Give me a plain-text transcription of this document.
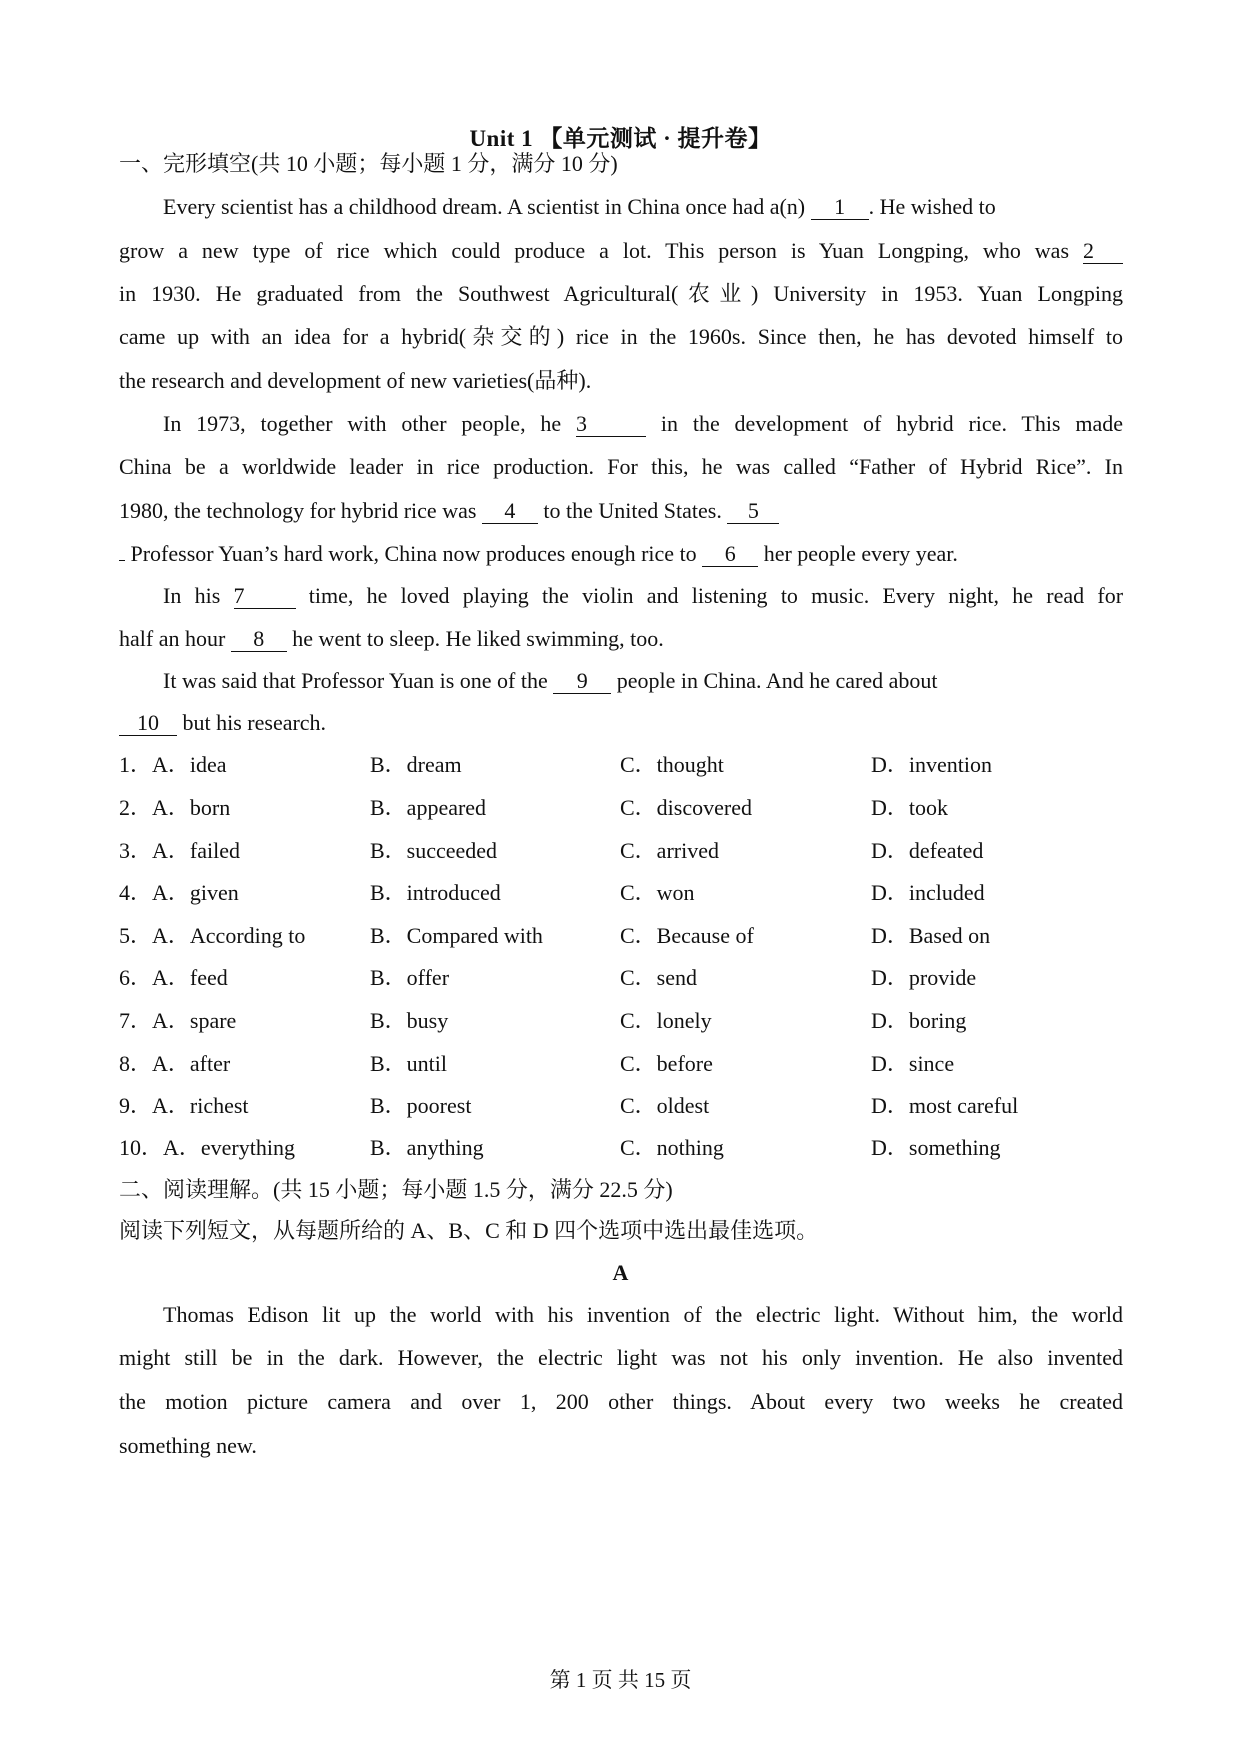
Unit 1 【单元测试 · 提升卷】
一、完形填空(共 10 小题；每小题 1 分，满分 10 分)
Every scientist has a childhood dream. A scientist in China once had a(n) 1 . He wished to
grow a new type of rice which could produce a lot. This person is Yuan Longping, who was 2
in 1930. He graduated from the Southwest Agricultural(农业) University in 1953. Yuan Longping
came up with an idea for a hybrid(杂交的) rice in the 1960s. Since then, he has devoted himself to
the research and development of new varieties(品种).
In 1973, together with other people, he 3	in the development of hybrid rice. This made
China be a worldwide leader in rice production. For this, he was called “Father of Hybrid Rice”. In
1980, the technology for hybrid rice was 4 to the United States. 5
Professor Yuan’s hard work, China now produces enough rice to 6 her people every year.
In his 7	time, he loved playing the violin and listening to music. Every night, he read for
half an hour 8 he went to sleep. He liked swimming, too.
It was said that Professor Yuan is one of the 9 people in China. And he cared about
10 but his research.
1．A．idea	B．dream	C．thought	D．invention
2．A．born	B．appeared	C．discovered	D．took
3．A．failed	B．succeeded	C．arrived	D．defeated
4．A．given	B．introduced	C．won	D．included
5．A．According to	B．Compared with	C．Because of	D．Based on
6．A．feed	B．offer	C．send	D．provide
7．A．spare	B．busy	C．lonely	D．boring
8．A．after	B．until	C．before	D．since
9．A．richest	B．poorest	C．oldest	D．most careful
10．A．everything	B．anything	C．nothing	D．something
二、阅读理解。(共 15 小题；每小题 1.5 分，满分 22.5 分)
阅读下列短文，从每题所给的 A、B、C 和 D 四个选项中选出最佳选项。
A
Thomas Edison lit up the world with his invention of the electric light. Without him, the world
might still be in the dark. However, the electric light was not his only invention. He also invented
the motion picture camera and over 1, 200 other things. About every two weeks he created
something new.
第 1 页 共 15 页
